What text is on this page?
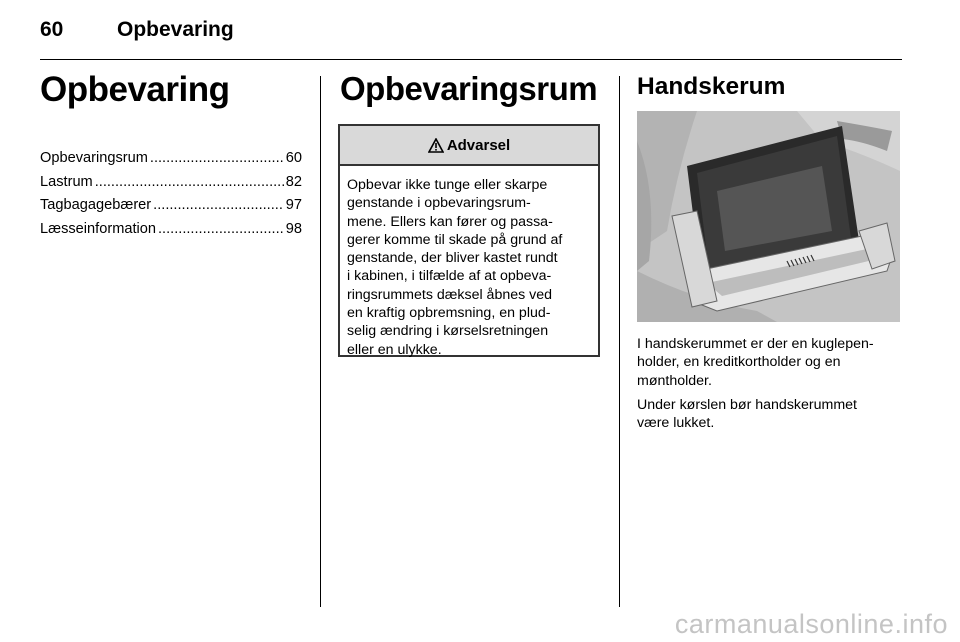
60	Opbevaring
Opbevaring
Opbevaringsrum .....	60
Lastrum .....	82
Tagbagagebærer .....	97
Læsseinformation .....	98
Opbevaringsrum
Advarsel
Opbevar ikke tunge eller skarpe
genstande i opbevaringsrum-
mene. Ellers kan fører og passa-
gerer komme til skade på grund af
genstande, der bliver kastet rundt
i kabinen, i tilfælde af at opbeva-
ringsrummets dæksel åbnes ved
en kraftig opbremsning, en plud-
selig ændring i kørselsretningen
eller en ulykke.
Handskerum

I handskerummet er der en kuglepen-
holder, en kreditkortholder og en
møntholder.

Under kørslen bør handskerummet
være lukket.

carmanualsonline.info
